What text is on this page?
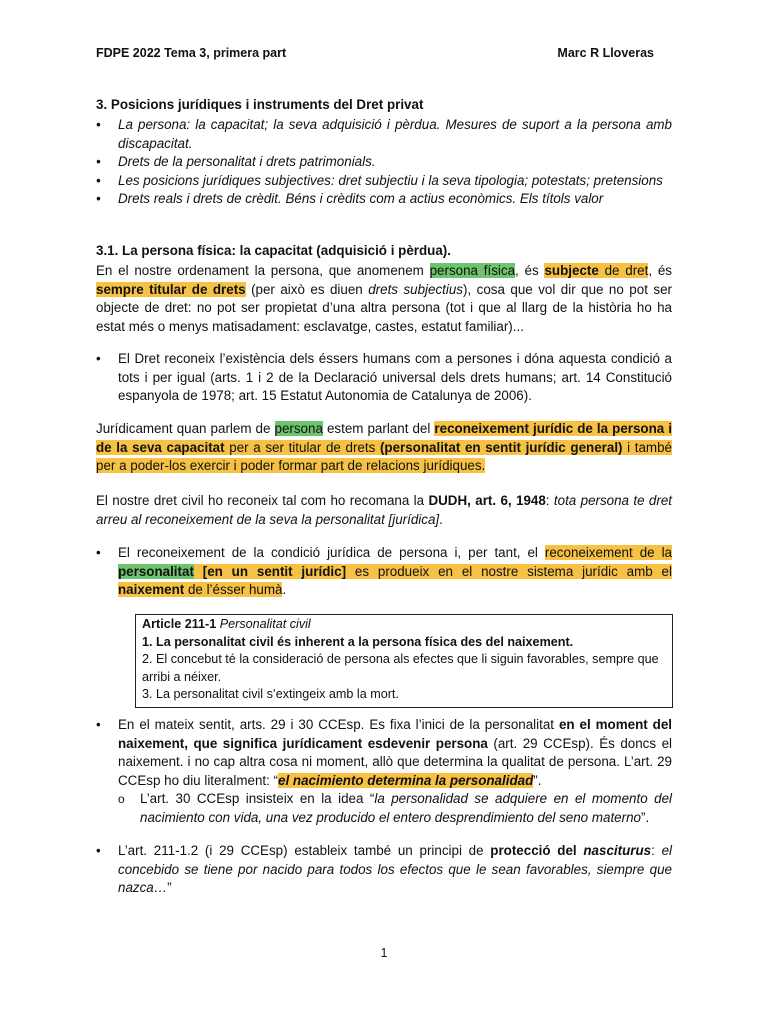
FDPE 2022 Tema 3, primera part	Marc R Lloveras
3. Posicions jurídiques i instruments del Dret privat
• La persona: la capacitat; la seva adquisició i pèrdua. Mesures de suport a la persona amb discapacitat.
• Drets de la personalitat i drets patrimonials.
• Les posicions jurídiques subjectives: dret subjectiu i la seva tipologia; potestats; pretensions
• Drets reals i drets de crèdit. Béns i crèdits com a actius econòmics. Els títols valor
3.1. La persona física: la capacitat (adquisició i pèrdua).
En el nostre ordenament la persona, que anomenem persona física, és subjecte de dret, és sempre titular de drets (per això es diuen drets subjectius), cosa que vol dir que no pot ser objecte de dret: no pot ser propietat d’una altra persona (tot i que al llarg de la història ho ha estat més o menys matisadament: esclavatge, castes, estatut familiar)...
• El Dret reconeix l’existència dels éssers humans com a persones i dóna aquesta condició a tots i per igual (arts. 1 i 2 de la Declaració universal dels drets humans; art. 14 Constitució espanyola de 1978; art. 15 Estatut Autonomia de Catalunya de 2006).
Jurídicament quan parlem de persona estem parlant del reconeixement jurídic de la persona i de la seva capacitat per a ser titular de drets (personalitat en sentit jurídic general) i també per a poder-los exercir i poder formar part de relacions jurídiques.
El nostre dret civil ho reconeix tal com ho recomana la DUDH, art. 6, 1948: tota persona te dret arreu al reconeixement de la seva la personalitat [jurídica].
• El reconeixement de la condició jurídica de persona i, per tant, el reconeixement de la personalitat [en un sentit jurídic] es produeix en el nostre sistema jurídic amb el naixement de l’ésser humà.
Article 211-1 Personalitat civil
1. La personalitat civil és inherent a la persona física des del naixement.
2. El concebut té la consideració de persona als efectes que li siguin favorables, sempre que arribi a néixer.
3. La personalitat civil s’extingeix amb la mort.
• En el mateix sentit, arts. 29 i 30 CCEsp. Es fixa l’inici de la personalitat en el moment del naixement, que significa jurídicament esdevenir persona (art. 29 CCEsp). És doncs el naixement. i no cap altra cosa ni moment, allò que determina la qualitat de persona. L’art. 29 CCEsp ho diu literalment: “el nacimiento determina la personalidad”.
o L’art. 30 CCEsp insisteix en la idea “la personalidad se adquiere en el momento del nacimiento con vida, una vez producido el entero desprendimiento del seno materno”.
• L’art. 211-1.2 (i 29 CCEsp) estableix també un principi de protecció del nasciturus: el concebido se tiene por nacido para todos los efectos que le sean favorables, siempre que nazca…”
1
